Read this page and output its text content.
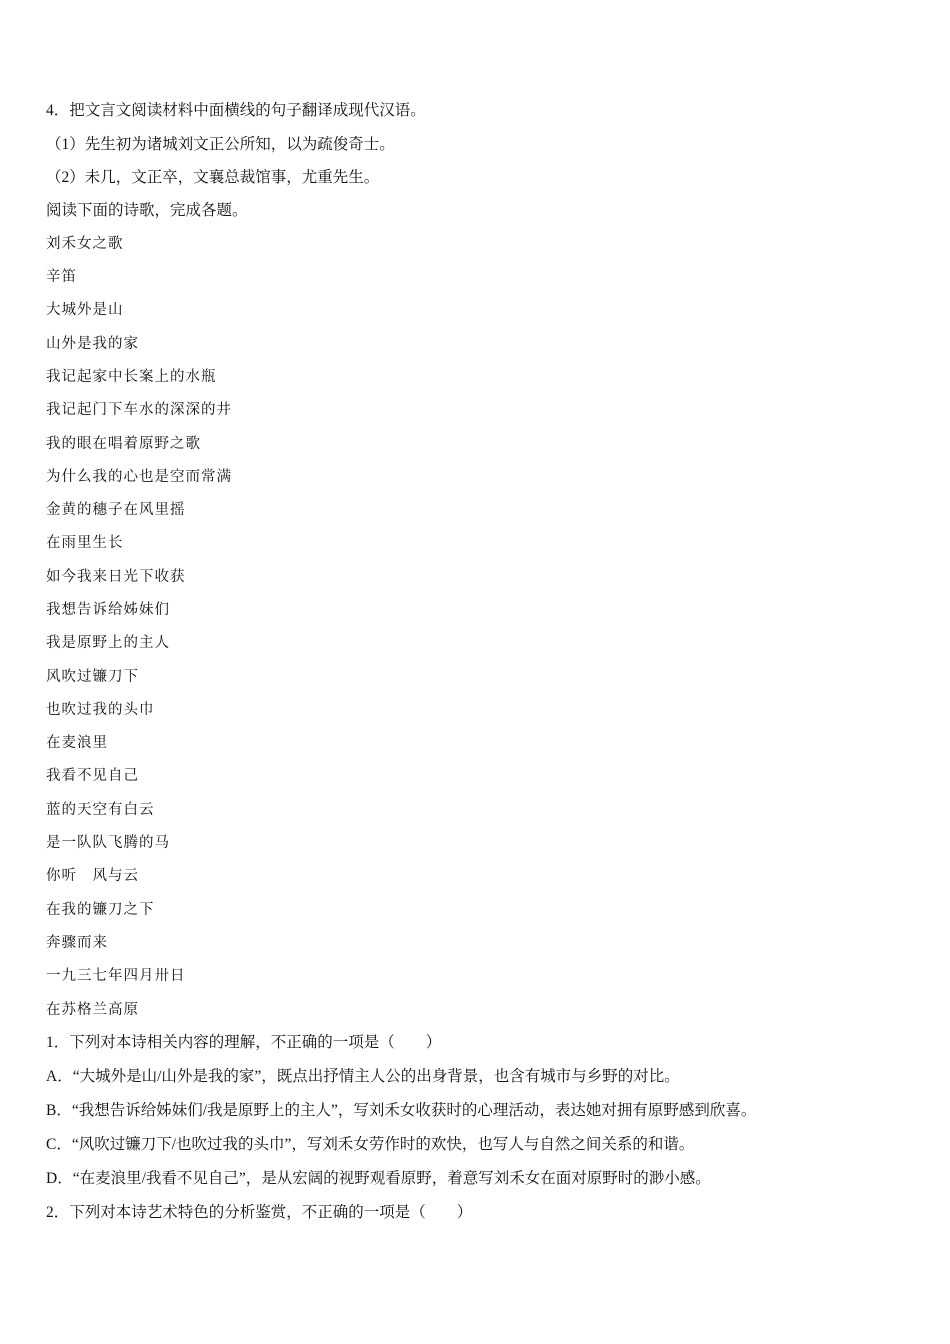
4．把文言文阅读材料中面横线的句子翻译成现代汉语。
（1）先生初为诸城刘文正公所知，以为疏俊奇士。
（2）未几，文正卒，文襄总裁馆事，尤重先生。
阅读下面的诗歌，完成各题。
刘禾女之歌
辛笛
大城外是山
山外是我的家
我记起家中长案上的水瓶
我记起门下车水的深深的井
我的眼在唱着原野之歌
为什么我的心也是空而常满
金黄的穗子在风里摇
在雨里生长
如今我来日光下收获
我想告诉给姊妹们
我是原野上的主人
风吹过镰刀下
也吹过我的头巾
在麦浪里
我看不见自己
蓝的天空有白云
是一队队飞腾的马
你听　风与云
在我的镰刀之下
奔骤而来
一九三七年四月卅日
在苏格兰高原
1．下列对本诗相关内容的理解，不正确的一项是（　　）
A．“大城外是山/山外是我的家”，既点出抒情主人公的出身背景，也含有城市与乡野的对比。
B．“我想告诉给姊妹们/我是原野上的主人”，写刘禾女收获时的心理活动，表达她对拥有原野感到欣喜。
C．“风吹过镰刀下/也吹过我的头巾”，写刘禾女劳作时的欢快，也写人与自然之间关系的和谐。
D．“在麦浪里/我看不见自己”，是从宏阔的视野观看原野，着意写刘禾女在面对原野时的渺小感。
2．下列对本诗艺术特色的分析鉴赏，不正确的一项是（　　）
